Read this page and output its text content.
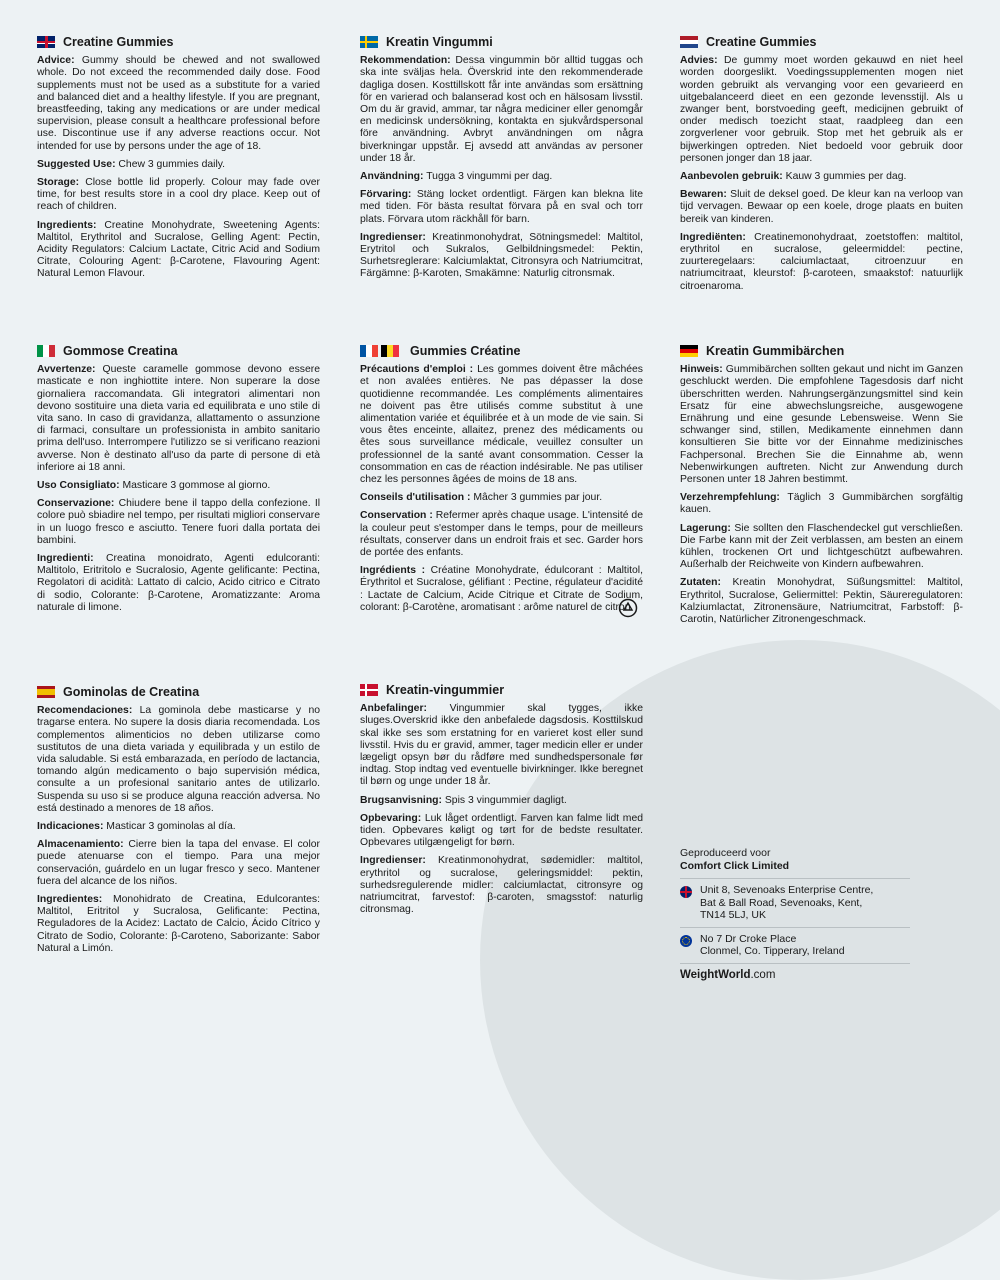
Creatine Gummies

Advice: Gummy should be chewed and not swallowed whole. Do not exceed the recommended daily dose. Food supplements must not be used as a substitute for a varied and balanced diet and a healthy lifestyle. If you are pregnant, breastfeeding, taking any medications or are under medical supervision, please consult a healthcare professional before use. Discontinue use if any adverse reactions occur. Not intended for use by persons under the age of 18.

Suggested Use: Chew 3 gummies daily.

Storage: Close bottle lid properly. Colour may fade over time, for best results store in a cool dry place. Keep out of reach of children.

Ingredients: Creatine Monohydrate, Sweetening Agents: Maltitol, Erythritol and Sucralose, Gelling Agent: Pectin, Acidity Regulators: Calcium Lactate, Citric Acid and Sodium Citrate, Colouring Agent: β-Carotene, Flavouring Agent: Natural Lemon Flavour.

Kreatin Vingummi

Rekommendation: Dessa vingummin bör alltid tuggas och ska inte sväljas hela. Överskrid inte den rekommenderade dagliga dosen. Kosttillskott får inte användas som ersättning för en varierad och balanserad kost och en hälsosam livsstil. Om du är gravid, ammar, tar några mediciner eller genomgår en medicinsk undersökning, kontakta en sjukvårdspersonal före användning. Avbryt användningen om några biverkningar uppstår. Ej avsedd att användas av personer under 18 år.

Användning: Tugga 3 vingummi per dag.

Förvaring: Stäng locket ordentligt. Färgen kan blekna lite med tiden. För bästa resultat förvara på en sval och torr plats. Förvara utom räckhåll för barn.

Ingredienser: Kreatinmonohydrat, Sötningsmedel: Maltitol, Erytritol och Sukralos, Gelbildningsmedel: Pektin, Surhetsreglerare: Kalciumlaktat, Citronsyra och Natriumcitrat, Färgämne: β-Karoten, Smakämne: Naturlig citronsmak.

Creatine Gummies

Advies: De gummy moet worden gekauwd en niet heel worden doorgeslikt. Voedingssupplementen mogen niet worden gebruikt als vervanging voor een gevarieerd en uitgebalanceerd dieet en een gezonde levensstijl. Als u zwanger bent, borstvoeding geeft, medicijnen gebruikt of onder medisch toezicht staat, raadpleeg dan een zorgverlener voor gebruik. Stop met het gebruik als er bijwerkingen optreden. Niet bedoeld voor gebruik door personen jonger dan 18 jaar.

Aanbevolen gebruik: Kauw 3 gummies per dag.

Bewaren: Sluit de deksel goed. De kleur kan na verloop van tijd vervagen. Bewaar op een koele, droge plaats en buiten bereik van kinderen.

Ingrediënten: Creatinemonohydraat, zoetstoffen: maltitol, erythritol en sucralose, geleermiddel: pectine, zuurteregelaars: calciumlactaat, citroenzuur en natriumcitraat, kleurstof: β-caroteen, smaakstof: natuurlijk citroenaroma.

Gommose Creatina

Avvertenze: Queste caramelle gommose devono essere masticate e non inghiottite intere. Non superare la dose giornaliera raccomandata. Gli integratori alimentari non devono sostituire una dieta varia ed equilibrata e uno stile di vita sano. In caso di gravidanza, allattamento o assunzione di farmaci, consultare un professionista in ambito sanitario prima dell'uso. Interrompere l'utilizzo se si verificano reazioni avverse. Non è destinato all'uso da parte di persone di età inferiore ai 18 anni.

Uso Consigliato: Masticare 3 gommose al giorno.

Conservazione: Chiudere bene il tappo della confezione. Il colore può sbiadire nel tempo, per risultati migliori conservare in un luogo fresco e asciutto. Tenere fuori dalla portata dei bambini.

Ingredienti: Creatina monoidrato, Agenti edulcoranti: Maltitolo, Eritritolo e Sucralosio, Agente gelificante: Pectina, Regolatori di acidità: Lattato di calcio, Acido citrico e Citrato di sodio, Colorante: β-Carotene, Aromatizzante: Aroma naturale di limone.

Gummies Créatine

Précautions d'emploi : Les gommes doivent être mâchées et non avalées entières. Ne pas dépasser la dose quotidienne recommandée. Les compléments alimentaires ne doivent pas être utilisés comme substitut à une alimentation variée et équilibrée et à un mode de vie sain. Si vous êtes enceinte, allaitez, prenez des médicaments ou êtes sous surveillance médicale, veuillez consulter un professionnel de la santé avant consommation. Cesser la consommation en cas de réaction indésirable. Ne pas utiliser chez les personnes âgées de moins de 18 ans.

Conseils d'utilisation : Mâcher 3 gummies par jour.

Conservation : Refermer après chaque usage. L'intensité de la couleur peut s'estomper dans le temps, pour de meilleurs résultats, conserver dans un endroit frais et sec. Garder hors de portée des enfants.

Ingrédients : Créatine Monohydrate, édulcorant : Maltitol, Érythritol et Sucralose, gélifiant : Pectine, régulateur d'acidité : Lactate de Calcium, Acide Citrique et Citrate de Sodium, colorant: β-Carotène, aromatisant : arôme naturel de citron.

Kreatin Gummibärchen

Hinweis: Gummibärchen sollten gekaut und nicht im Ganzen geschluckt werden. Die empfohlene Tagesdosis darf nicht überschritten werden. Nahrungsergänzungsmittel sind kein Ersatz für eine abwechslungsreiche, ausgewogene Ernährung und eine gesunde Lebensweise. Wenn Sie schwanger sind, stillen, Medikamente einnehmen dann konsultieren Sie bitte vor der Einnahme medizinisches Fachpersonal. Brechen Sie die Einnahme ab, wenn Nebenwirkungen auftreten. Nicht zur Anwendung durch Personen unter 18 Jahren bestimmt.

Verzehrempfehlung: Täglich 3 Gummibärchen sorgfältig kauen.

Lagerung: Sie sollten den Flaschendeckel gut verschließen. Die Farbe kann mit der Zeit verblassen, am besten an einem kühlen, trockenen Ort und lichtgeschützt aufbewahren. Außerhalb der Reichweite von Kindern aufbewahren.

Zutaten: Kreatin Monohydrat, Süßungsmittel: Maltitol, Erythritol, Sucralose, Geliermittel: Pektin, Säureregulatoren: Kalziumlactat, Zitronensäure, Natriumcitrat, Farbstoff: β-Carotin, Natürlicher Zitronengeschmack.

Gominolas de Creatina

Recomendaciones: La gominola debe masticarse y no tragarse entera. No supere la dosis diaria recomendada. Los complementos alimenticios no deben utilizarse como sustitutos de una dieta variada y equilibrada y un estilo de vida saludable. Si está embarazada, en período de lactancia, tomando algún medicamento o bajo supervisión médica, consulte a un profesional sanitario antes de utilizarlo. Suspenda su uso si se produce alguna reacción adversa. No está destinado a menores de 18 años.

Indicaciones: Masticar 3 gominolas al día.

Almacenamiento: Cierre bien la tapa del envase. El color puede atenuarse con el tiempo. Para una mejor conservación, guárdelo en un lugar fresco y seco. Mantener fuera del alcance de los niños.

Ingredientes: Monohidrato de Creatina, Edulcorantes: Maltitol, Eritritol y Sucralosa, Gelificante: Pectina, Reguladores de la Acidez: Lactato de Calcio, Ácido Cítrico y Citrato de Sodio, Colorante: β-Caroteno, Saborizante: Sabor Natural a Limón.

Kreatin-vingummier

Anbefalinger: Vingummier skal tygges, ikke sluges.Overskrid ikke den anbefalede dagsdosis. Kosttilskud skal ikke ses som erstatning for en varieret kost eller sund livsstil. Hvis du er gravid, ammer, tager medicin eller er under lægeligt opsyn bør du rådføre med sundhedspersonale før indtag. Stop indtag ved eventuelle bivirkninger. Ikke beregnet til børn og unge under 18 år.

Brugsanvisning: Spis 3 vingummier dagligt.

Opbevaring: Luk låget ordentligt. Farven kan falme lidt med tiden. Opbevares køligt og tørt for de bedste resultater. Opbevares utilgængeligt for børn.

Ingredienser: Kreatinmonohydrat, sødemidler: maltitol, erythritol og sucralose, geleringsmiddel: pektin, surhedsregulerende midler: calciumlactat, citronsyre og natriumcitrat, farvestof: β-caroten, smagsstof: naturlig citronsmag.

Geproduceerd voor
Comfort Click Limited
Unit 8, Sevenoaks Enterprise Centre,
Bat & Ball Road, Sevenoaks, Kent,
TN14 5LJ, UK
No 7 Dr Croke Place
Clonmel, Co. Tipperary, Ireland
WeightWorld.com
